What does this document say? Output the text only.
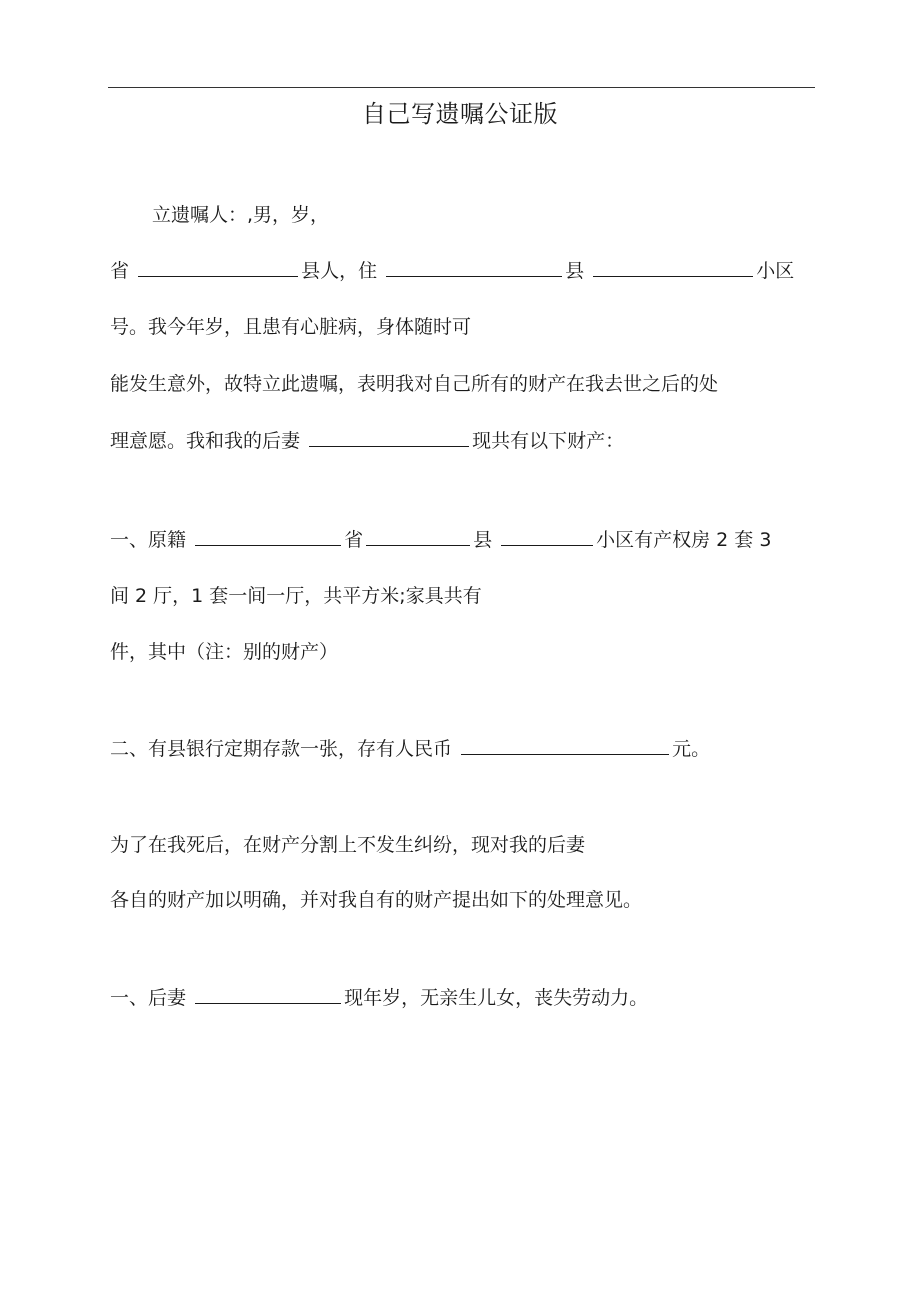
自己写遗嘱公证版
立遗嘱人：,男，岁，
省	县人，住	县	小区
号。我今年岁，且患有心脏病，身体随时可
能发生意外，故特立此遗嘱，表明我对自己所有的财产在我去世之后的处
理意愿。我和我的后妻	现共有以下财产：
一、原籍	省	县	小区有产权房 2 套 3
间 2 厅，1 套一间一厅，共平方米;家具共有
件，其中（注：别的财产）
二、有县银行定期存款一张，存有人民币	元。
为了在我死后，在财产分割上不发生纠纷，现对我的后妻
各自的财产加以明确，并对我自有的财产提出如下的处理意见。
一、后妻	现年岁，无亲生儿女，丧失劳动力。
